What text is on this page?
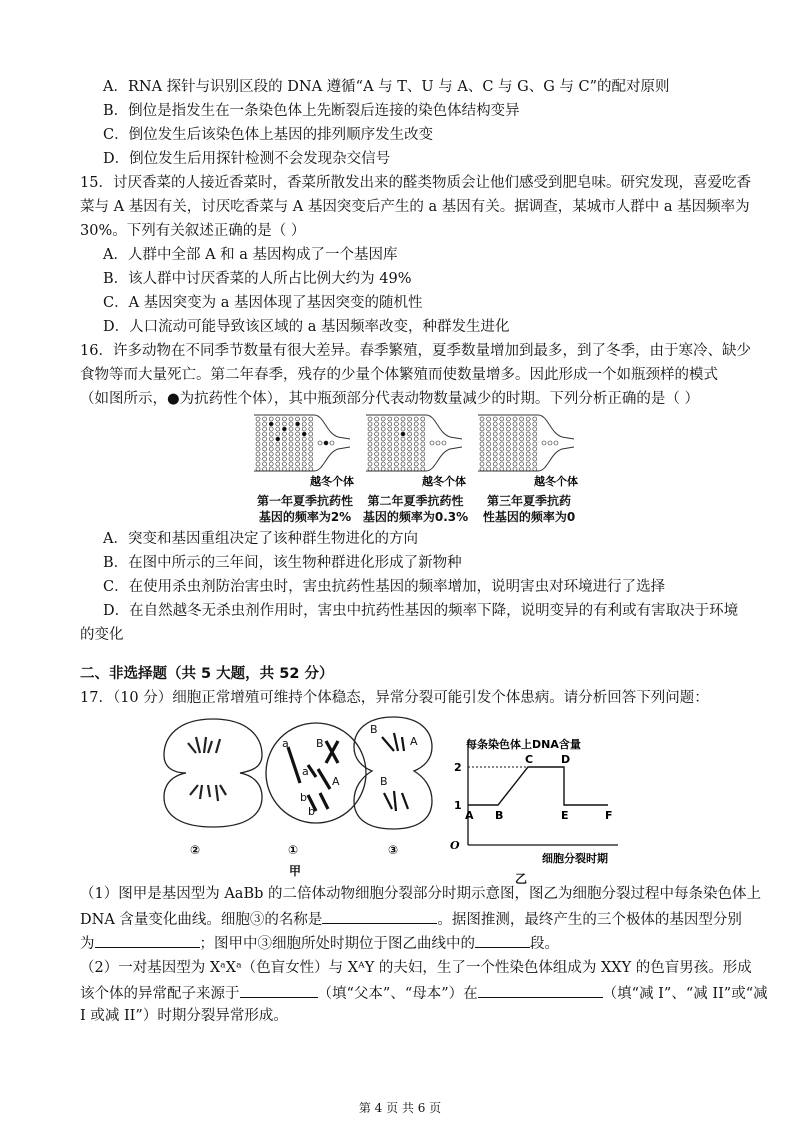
A．RNA 探针与识别区段的 DNA 遵循“A 与 T、U 与 A、C 与 G、G 与 C”的配对原则
B．倒位是指发生在一条染色体上先断裂后连接的染色体结构变异
C．倒位发生后该染色体上基因的排列顺序发生改变
D．倒位发生后用探针检测不会发现杂交信号
15．讨厌香菜的人接近香菜时，香菜所散发出来的醛类物质会让他们感受到肥皂味。研究发现，喜爱吃香
菜与 A 基因有关，讨厌吃香菜与 A 基因突变后产生的 a 基因有关。据调查，某城市人群中 a 基因频率为
30%。下列有关叙述正确的是（ ）
A．人群中全部 A 和 a 基因构成了一个基因库
B．该人群中讨厌香菜的人所占比例大约为 49%
C．A 基因突变为 a 基因体现了基因突变的随机性
D．人口流动可能导致该区域的 a 基因频率改变，种群发生进化
16．许多动物在不同季节数量有很大差异。春季繁殖，夏季数量增加到最多，到了冬季，由于寒冷、缺少
食物等而大量死亡。第二年春季，残存的少量个体繁殖而使数量增多。因此形成一个如瓶颈样的模式
（如图所示，●为抗药性个体），其中瓶颈部分代表动物数量减少的时期。下列分析正确的是（ ）
越冬个体	越冬个体	越冬个体
第一年夏季抗药性
基因的频率为2%
第二年夏季抗药性
基因的频率为0.3%
第三年夏季抗药
性基因的频率为0
A．突变和基因重组决定了该种群生物进化的方向
B．在图中所示的三年间，该生物种群进化形成了新物种
C．在使用杀虫剂防治害虫时，害虫抗药性基因的频率增加，说明害虫对环境进行了选择
D．在自然越冬无杀虫剂作用时，害虫中抗药性基因的频率下降，说明变异的有利或有害取决于环境
的变化
二、非选择题（共 5 大题，共 52 分）
17．（10 分）细胞正常增殖可维持个体稳态，异常分裂可能引发个体患病。请分析回答下列问题：
a B
a
A
b
b
B
A
B
②	①	③
甲
每条染色体上DNA含量
O
1
2
A B
C	D
E	F
细胞分裂时期
乙
（1）图甲是基因型为 AaBb 的二倍体动物细胞分裂部分时期示意图，图乙为细胞分裂过程中每条染色体上
DNA 含量变化曲线。细胞③的名称是	。据图推测，最终产生的三个极体的基因型分别
为	；图甲中③细胞所处时期位于图乙曲线中的	段。
（2）一对基因型为 XᵃXᵃ（色盲女性）与 XᴬY 的夫妇，生了一个性染色体组成为 XXY 的色盲男孩。形成
该个体的异常配子来源于	（填“父本”、“母本”）在	（填“减 I”、“减 II”或“减
I 或减 II”）时期分裂异常形成。
第 4 页 共 6 页
